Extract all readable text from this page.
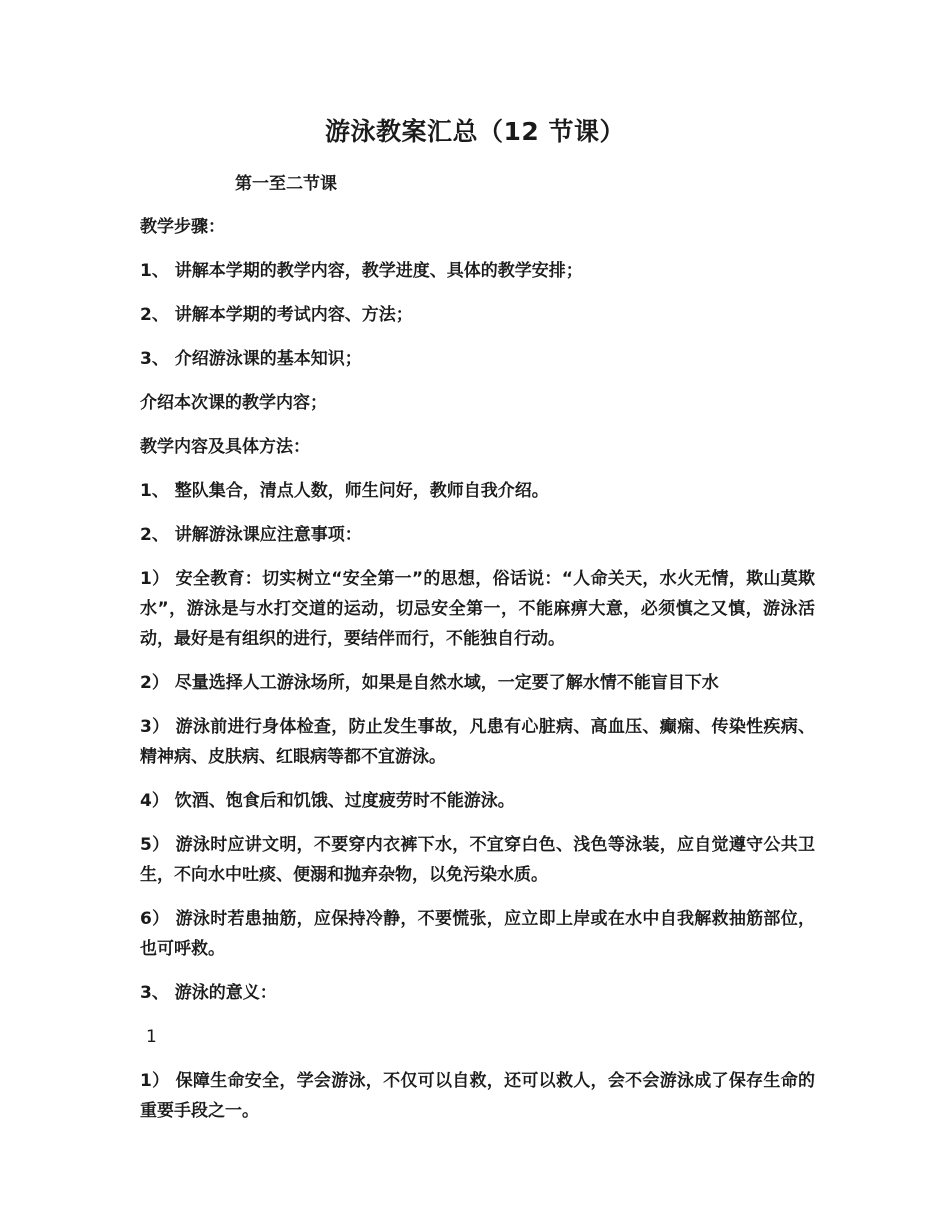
游泳教案汇总（12 节课）
第一至二节课

教学步骤：

1、 讲解本学期的教学内容，教学进度、具体的教学安排；

2、 讲解本学期的考试内容、方法；

3、 介绍游泳课的基本知识；

介绍本次课的教学内容；

教学内容及具体方法：

1、 整队集合，清点人数，师生问好，教师自我介绍。

2、 讲解游泳课应注意事项：

1） 安全教育：切实树立“安全第一”的思想，俗话说：“人命关天，水火无情，欺山莫欺水”，游泳是与水打交道的运动，切忌安全第一，不能麻痹大意，必须慎之又慎，游泳活动，最好是有组织的进行，要结伴而行，不能独自行动。

2） 尽量选择人工游泳场所，如果是自然水域，一定要了解水情不能盲目下水

3） 游泳前进行身体检查，防止发生事故，凡患有心脏病、高血压、癫痫、传染性疾病、精神病、皮肤病、红眼病等都不宜游泳。

4） 饮酒、饱食后和饥饿、过度疲劳时不能游泳。

5） 游泳时应讲文明，不要穿内衣裤下水，不宜穿白色、浅色等泳装，应自觉遵守公共卫生，不向水中吐痰、便溺和抛弃杂物，以免污染水质。

6） 游泳时若患抽筋，应保持冷静，不要慌张，应立即上岸或在水中自我解救抽筋部位，也可呼救。

3、 游泳的意义：

1

1） 保障生命安全，学会游泳，不仅可以自救，还可以救人，会不会游泳成了保存生命的重要手段之一。
